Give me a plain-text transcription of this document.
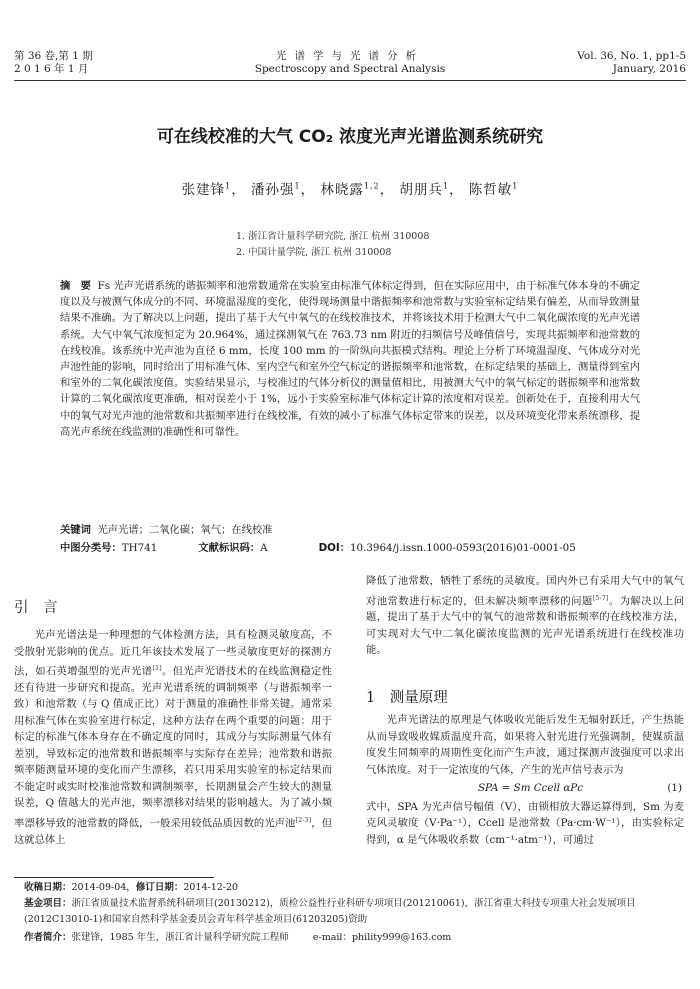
第 36 卷,第 1 期
2 0 1 6 年 1 月
光谱学与光谱分析
Spectroscopy and Spectral Analysis
Vol. 36, No. 1, pp1-5
January, 2016
可在线校准的大气 CO₂ 浓度光声光谱监测系统研究
张建锋$^1$， 潘孙强$^1$， 林晓露$^{1,2}$， 胡朋兵$^1$， 陈哲敏$^1$
1. 浙江省计量科学研究院, 浙江 杭州 310008
2. 中国计量学院, 浙江 杭州 310008
摘　要 Fs 光声光谱系统的谐振频率和池常数通常在实验室由标准气体标定得到，但在实际应用中，由于标准气体本身的不确定度以及与被测气体成分的不同、环境温湿度的变化，使得现场测量中谐振频率和池常数与实验室标定结果有偏差，从而导致测量结果不准确。为了解决以上问题，提出了基于大气中氧气的在线校准技术，并将该技术用于检测大气中二氧化碳浓度的光声光谱系统。大气中氧气浓度恒定为 20.964%，通过探测氧气在 763.73 nm 附近的扫频信号及峰值信号，实现共振频率和池常数的在线校准。该系统中光声池为直径 6 mm，长度 100 mm 的一阶纵向共振模式结构。理论上分析了环境温湿度、气体成分对光声池性能的影响，同时给出了用标准气体、室内空气和室外空气标定的谐振频率和池常数，在标定结果的基础上，测量得到室内和室外的二氧化碳浓度值。实验结果显示，与校准过的气体分析仪的测量值相比，用被测大气中的氧气标定的谐振频率和池常数计算的二氧化碳浓度更准确，相对误差小于 1%，远小于实验室标准气体标定计算的浓度相对误差。创新处在于，直接利用大气中的氧气对光声池的池常数和共振频率进行在线校准，有效的减小了标准气体标定带来的误差，以及环境变化带来系统漂移，提高光声系统在线监测的准确性和可靠性。
关键词 光声光谱；二氧化碳；氧气；在线校准
中图分类号：TH741	文献标识码：A	DOI：10.3964/j.issn.1000-0593(2016)01-0001-05
引　言

光声光谱法是一种理想的气体检测方法，具有检测灵敏度高，不受散射光影响的优点。近几年该技术发展了一些灵敏度更好的探测方法，如石英增强型的光声光谱[1]。但光声光谱技术的在线监测稳定性还有待进一步研究和提高。光声光谱系统的调制频率（与谐振频率一致）和池常数（与 Q 值成正比）对于测量的准确性非常关键。通常采用标准气体在实验室进行标定，这种方法存在两个重要的问题：用于标定的标准气体本身存在不确定度的同时，其成分与实际测量气体有差别，导致标定的池常数和谐振频率与实际存在差异；池常数和谐振频率随测量环境的变化而产生漂移，若只用采用实验室的标定结果而不能定时或实时校准池常数和调制频率，长期测量会产生较大的测量误差，Q 值越大的光声池，频率漂移对结果的影响越大。为了减小频率漂移导致的池常数的降低，一般采用较低品质因数的光声池[2-3]，但这就总体上

降低了池常数，牺牲了系统的灵敏度。国内外已有采用大气中的氧气对池常数进行标定的，但未解决频率漂移的问题[5-7]。为解决以上问题，提出了基于大气中的氧气的池常数和谐振频率的在线校准方法，可实现对大气中二氧化碳浓度监测的光声光谱系统进行在线校准功能。

1　测量原理

光声光谱法的原理是气体吸收光能后发生无辐射跃迁，产生热能从而导致吸收媒质温度升高，如果将入射光进行光强调制，使媒质温度发生同频率的周期性变化而产生声波，通过探测声波强度可以求出气体浓度。对于一定浓度的气体，产生的光声信号表示为

SPA = Sm Ccell αPc	(1)

式中，SPA 为光声信号幅值（V），由锁相放大器运算得到，Sm 为麦克风灵敏度（V·Pa⁻¹），Ccell 是池常数（Pa·cm·W⁻¹），由实验标定得到，α 是气体吸收系数（cm⁻¹·atm⁻¹），可通过

收稿日期：2014-09-04，修订日期：2014-12-20
基金项目：浙江省质量技术监督系统科研项目(20130212)，质检公益性行业科研专项项目(201210061)，浙江省重大科技专项重大社会发展项目(2012C13010-1)和国家自然科学基金委员会青年科学基金项目(61203205)资助
作者简介：张建锋，1985 年生，浙江省计量科学研究院工程师	e-mail：phility999@163.com
